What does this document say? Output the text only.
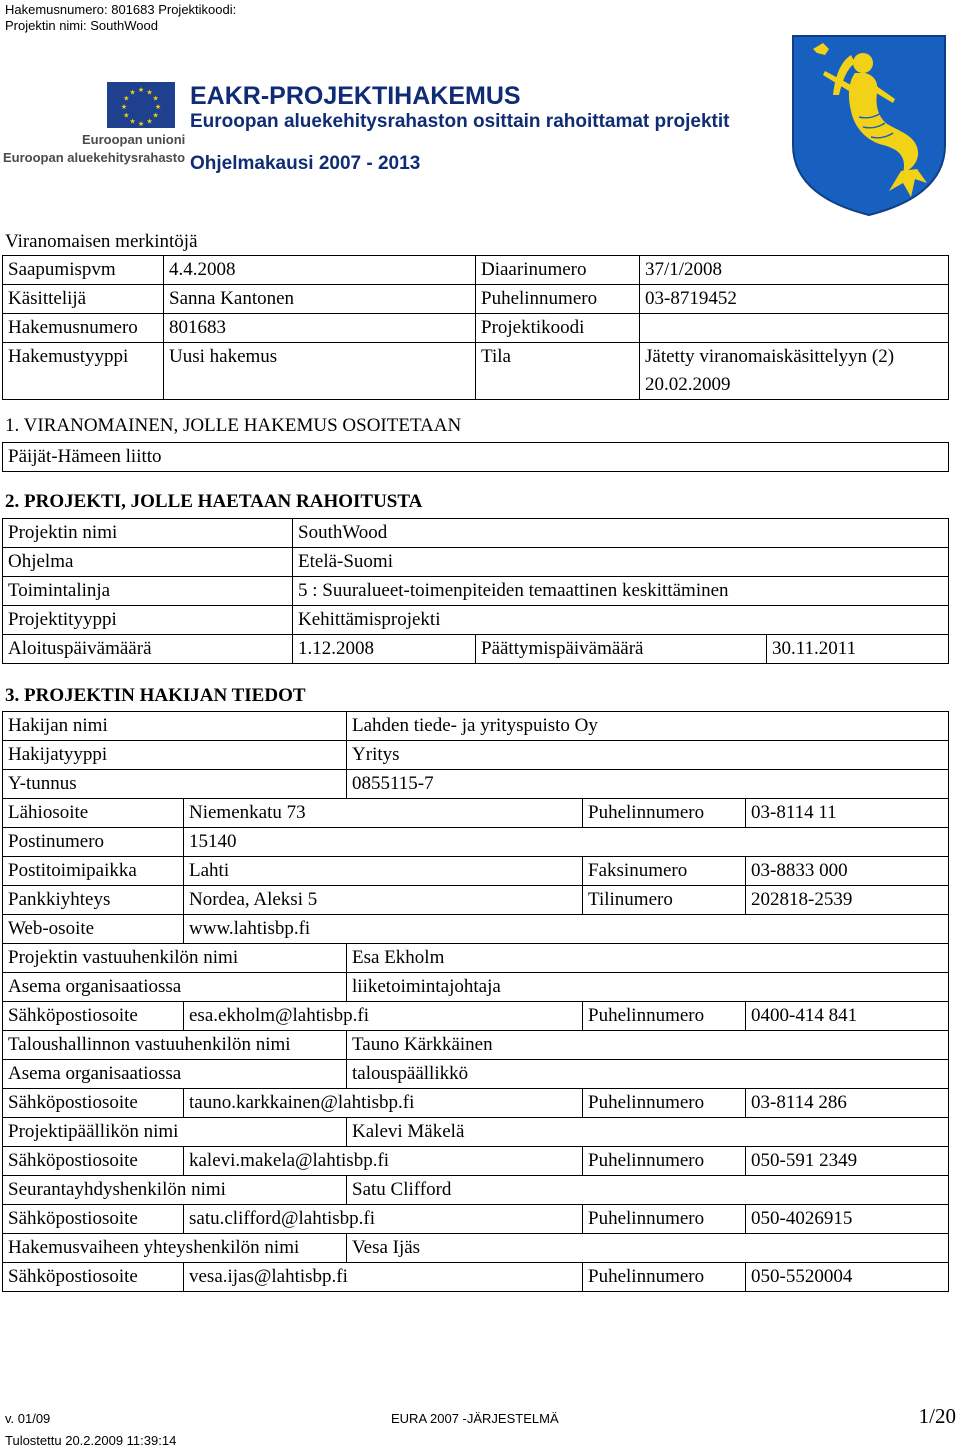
Hakemusnumero: 801683 Projektikoodi:
Projektin nimi: SouthWood
★ ★
★
★
★
★
★
★
★
★
★
★
Euroopan unioni
Euroopan aluekehitysrahasto
EAKR-PROJEKTIHAKEMUS
Euroopan aluekehitysrahaston osittain rahoittamat projektit
Ohjelmakausi 2007 - 2013
Viranomaisen merkintöjä
Saapumispvm	4.4.2008	Diaarinumero	37/1/2008
Käsittelijä	Sanna Kantonen	Puhelinnumero	03-8719452
Hakemusnumero	801683	Projektikoodi	
Hakemustyyppi	Uusi hakemus	Tila	Jätetty viranomaiskäsittelyyn (2)
20.02.2009
1. VIRANOMAINEN, JOLLE HAKEMUS OSOITETAAN
Päijät-Hämeen liitto
2. PROJEKTI, JOLLE HAETAAN RAHOITUSTA
Projektin nimi	SouthWood
Ohjelma	Etelä-Suomi
Toimintalinja	5 : Suuralueet-toimenpiteiden temaattinen keskittäminen
Projektityyppi	Kehittämisprojekti
Aloituspäivämäärä	1.12.2008	Päättymispäivämäärä	30.11.2011
3. PROJEKTIN HAKIJAN TIEDOT
Hakijan nimi		Lahden tiede- ja yrityspuisto Oy		
Hakijatyyppi		Yritys		
Y-tunnus		0855115-7		
Lähiosoite	Niemenkatu 73		Puhelinnumero	03-8114 11
Postinumero	15140			
Postitoimipaikka	Lahti		Faksinumero	03-8833 000
Pankkiyhteys	Nordea, Aleksi 5		Tilinumero	202818-2539
Web-osoite	www.lahtisbp.fi			
Projektin vastuuhenkilön nimi		Esa Ekholm		
Asema organisaatiossa		liiketoimintajohtaja		
Sähköpostiosoite	esa.ekholm@lahtisbp.fi		Puhelinnumero	0400-414 841
Taloushallinnon vastuuhenkilön nimi		Tauno Kärkkäinen		
Asema organisaatiossa		talouspäällikkö		
Sähköpostiosoite	tauno.karkkainen@lahtisbp.fi		Puhelinnumero	03-8114 286
Projektipäällikön nimi		Kalevi Mäkelä		
Sähköpostiosoite	kalevi.makela@lahtisbp.fi		Puhelinnumero	050-591 2349
Seurantayhdyshenkilön nimi		Satu Clifford		
Sähköpostiosoite	satu.clifford@lahtisbp.fi		Puhelinnumero	050-4026915
Hakemusvaiheen yhteyshenkilön nimi		Vesa Ijäs		
Sähköpostiosoite	vesa.ijas@lahtisbp.fi		Puhelinnumero	050-5520004
v. 01/09	EURA 2007 -JÄRJESTELMÄ	1/20
Tulostettu 20.2.2009 11:39:14
